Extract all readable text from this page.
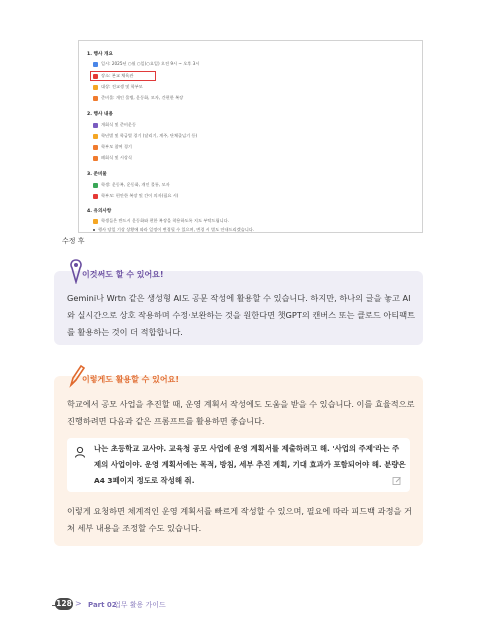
1. 행사 개요
일시: 2025년 ○월 ○일(○요일) 오전 9시 ~ 오후 3시
장소: 본교 체육관
대상: 전교생 및 학부모
준비물: 개인 물병, 운동화, 모자, 간편한 복장
2. 행사 내용
개회식 및 준비운동
학년별 및 학급별 경기 (달리기, 계주, 단체줄넘기 등)
학부모 참여 경기
폐회식 및 시상식
3. 준비물
학생: 운동복, 운동화, 개인 물통, 모자
학부모: 편안한 복장 및 간이 의자(필요 시)
4. 유의사항
학생들은 반드시 운동화와 편한 복장을 착용하도록 지도 부탁드립니다.
행사 당일 기상 상황에 따라 일정이 변경될 수 있으며, 변경 시 별도 안내드리겠습니다.
수정 후
이것써도 할 수 있어요!
Gemini나 Wrtn 같은 생성형 AI도 공문 작성에 활용할 수 있습니다. 하지만, 하나의 글을 놓고 AI와 실시간으로 상호 작용하며 수정·보완하는 것을 원한다면 챗GPT의 캔버스 또는 클로드 아티팩트를 활용하는 것이 더 적합합니다.
이렇게도 활용할 수 있어요!
학교에서 공모 사업을 추진할 때, 운영 계획서 작성에도 도움을 받을 수 있습니다. 이를 효율적으로 진행하려면 다음과 같은 프롬프트를 활용하면 좋습니다.
나는 초등학교 교사야. 교육청 공모 사업에 운영 계획서를 제출하려고 해. '사업의 주제'라는 주제의 사업이야. 운영 계획서에는 목적, 방침, 세부 추진 계획, 기대 효과가 포함되어야 해. 분량은 A4 3페이지 정도로 작성해 줘.
이렇게 요청하면 체계적인 운영 계획서를 빠르게 작성할 수 있으며, 필요에 따라 피드백 과정을 거쳐 세부 내용을 조정할 수도 있습니다.
128 > Part 02
업무 활용 가이드
